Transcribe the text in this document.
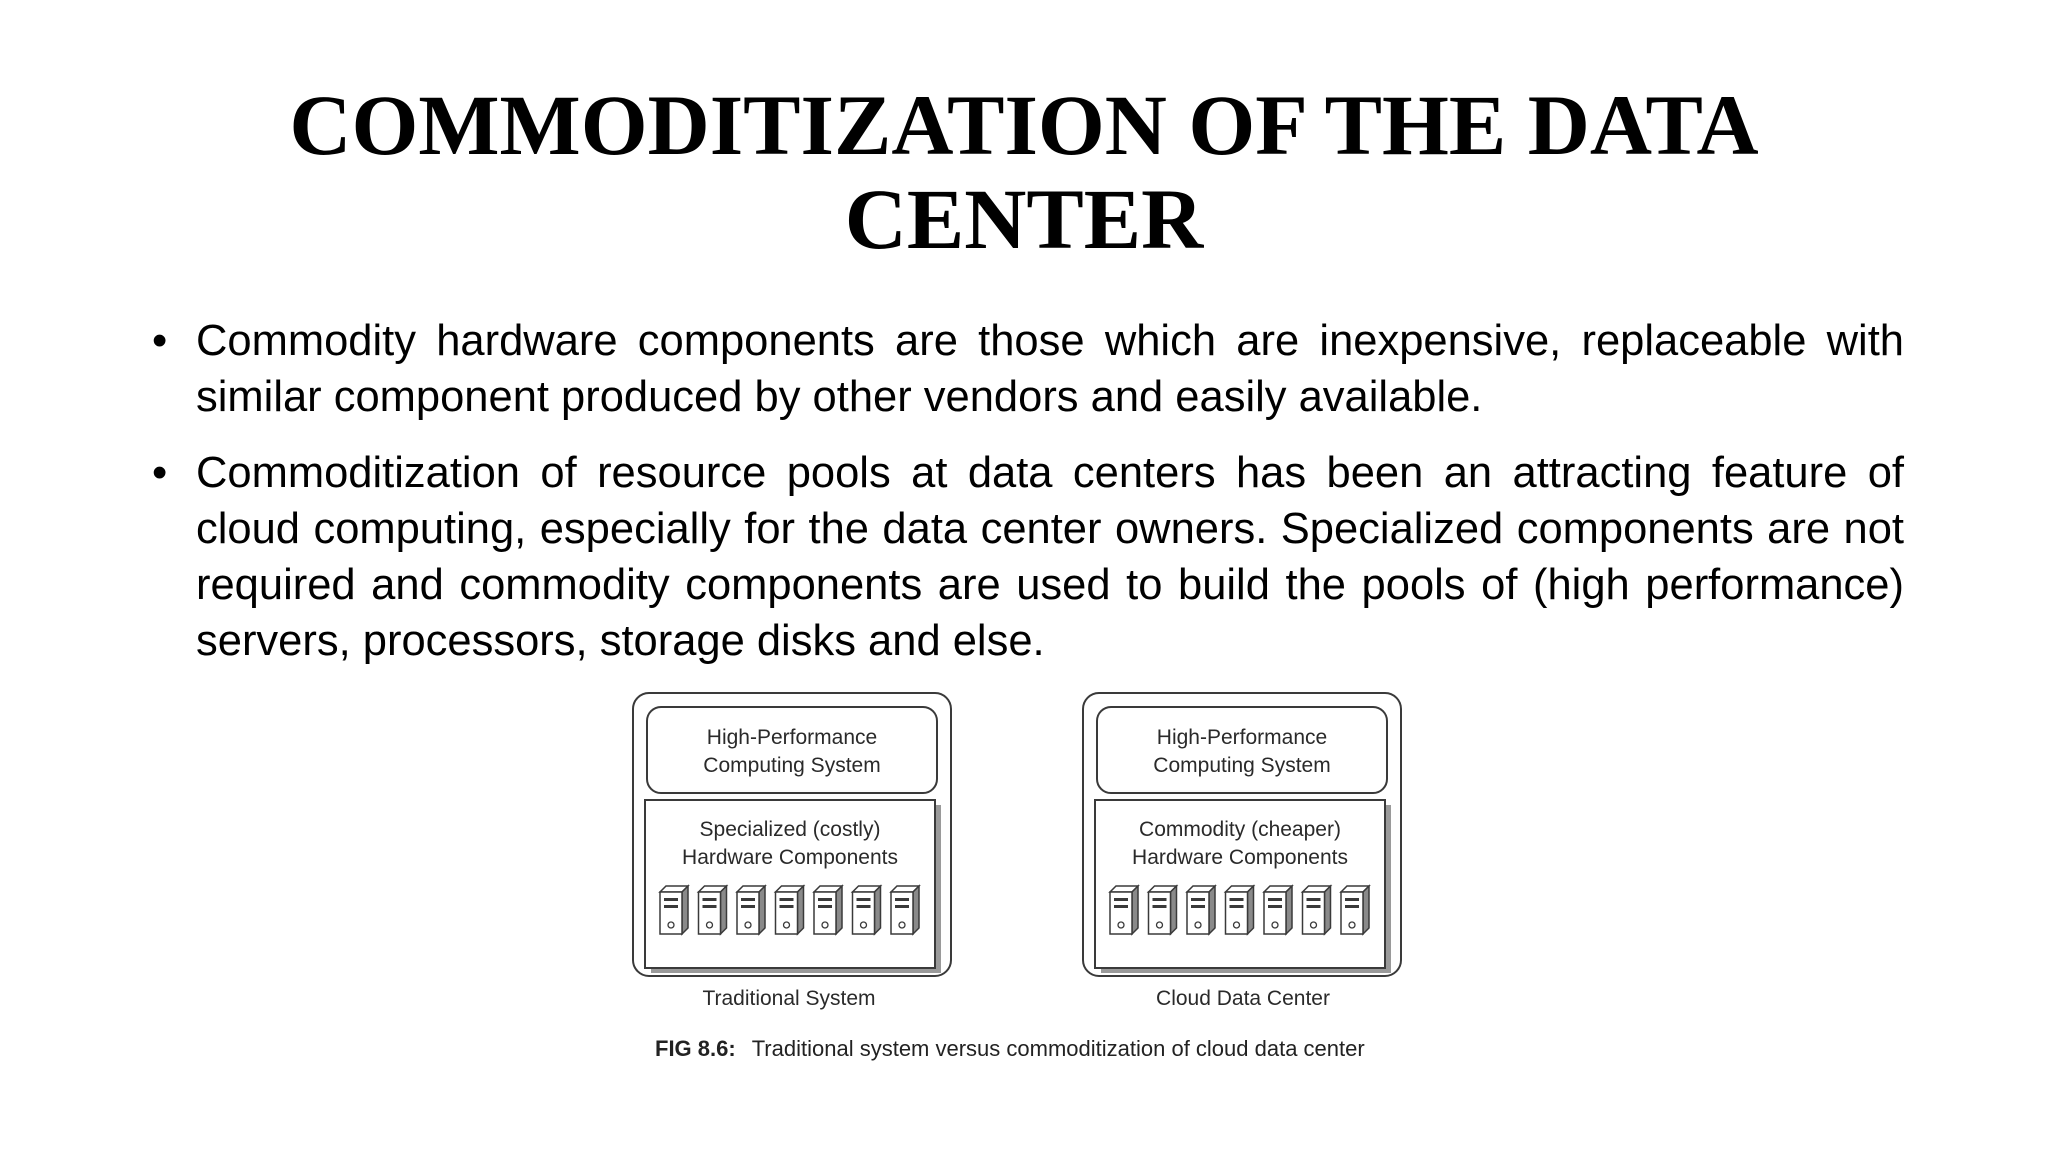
COMMODITIZATION OF THE DATA
CENTER
• Commodity hardware components are those which are inexpensive, replaceable with similar component produced by other vendors and easily available.
• Commoditization of resource pools at data centers has been an attracting feature of cloud computing, especially for the data center owners. Specialized components are not required and commodity components are used to build the pools of (high performance) servers, processors, storage disks and else.
High-Performance
Computing System
Specialized (costly)
Hardware Components
Traditional System
High-Performance
Computing System
Commodity (cheaper)
Hardware Components
Cloud Data Center
FIG 8.6: Traditional system versus commoditization of cloud data center
